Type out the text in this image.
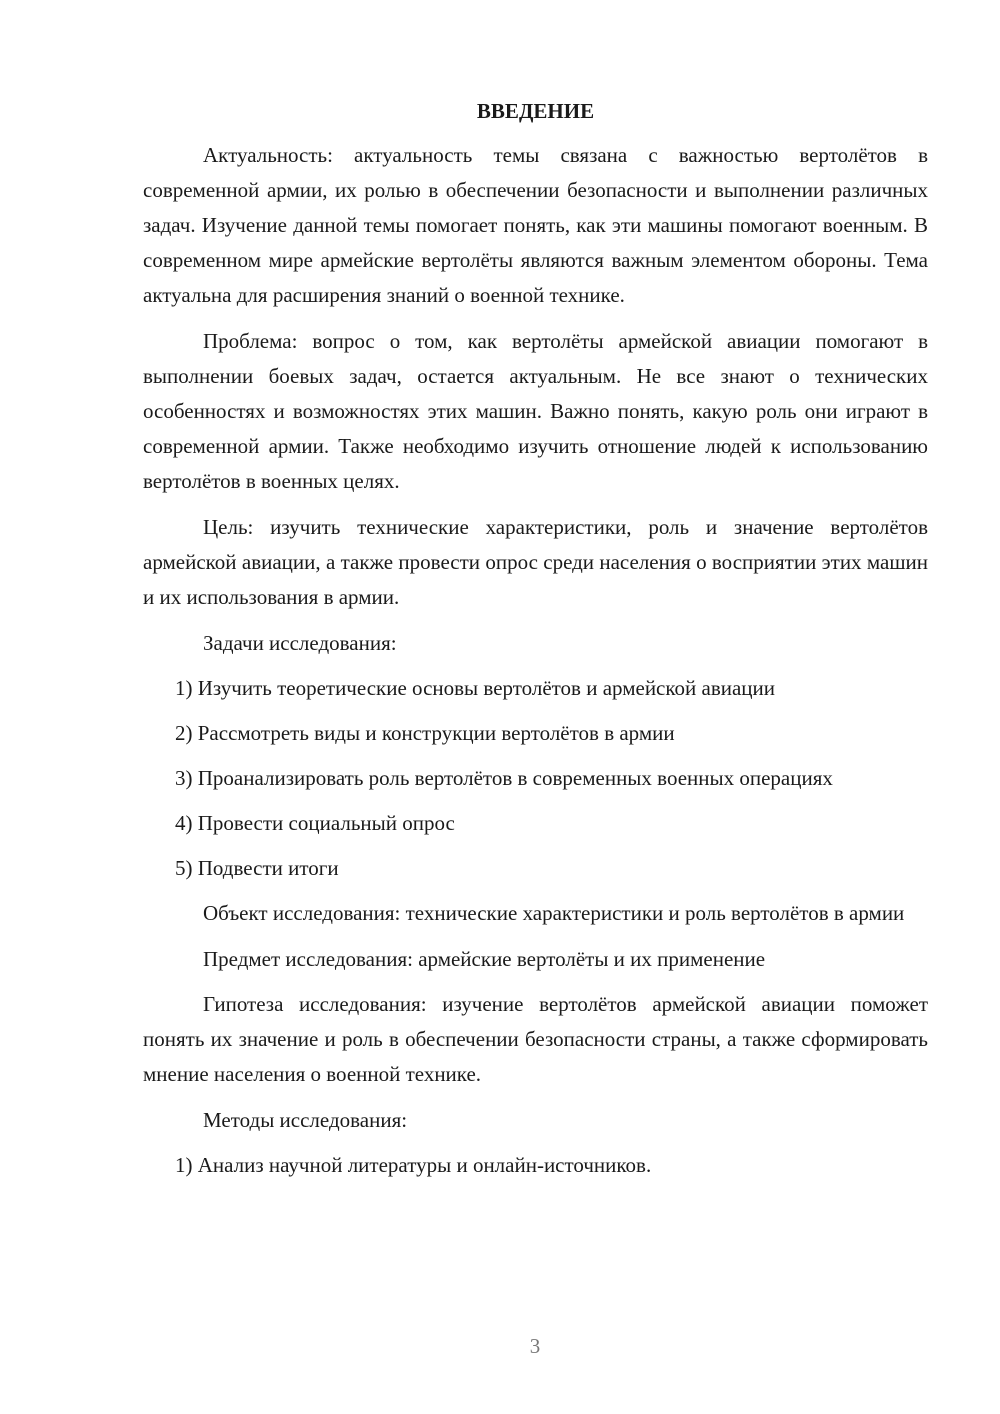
ВВЕДЕНИЕ

Актуальность: актуальность темы связана с важностью вертолётов в современной армии, их ролью в обеспечении безопасности и выполнении различных задач. Изучение данной темы помогает понять, как эти машины помогают военным. В современном мире армейские вертолёты являются важным элементом обороны. Тема актуальна для расширения знаний о военной технике.

Проблема: вопрос о том, как вертолёты армейской авиации помогают в выполнении боевых задач, остается актуальным. Не все знают о технических особенностях и возможностях этих машин. Важно понять, какую роль они играют в современной армии. Также необходимо изучить отношение людей к использованию вертолётов в военных целях.

Цель: изучить технические характеристики, роль и значение вертолётов армейской авиации, а также провести опрос среди населения о восприятии этих машин и их использования в армии.

Задачи исследования:

1) Изучить теоретические основы вертолётов и армейской авиации

2) Рассмотреть виды и конструкции вертолётов в армии

3) Проанализировать роль вертолётов в современных военных операциях

4) Провести социальный опрос

5) Подвести итоги

Объект исследования: технические характеристики и роль вертолётов в армии

Предмет исследования: армейские вертолёты и их применение

Гипотеза исследования: изучение вертолётов армейской авиации поможет понять их значение и роль в обеспечении безопасности страны, а также сформировать мнение населения о военной технике.

Методы исследования:

1) Анализ научной литературы и онлайн-источников.

3
